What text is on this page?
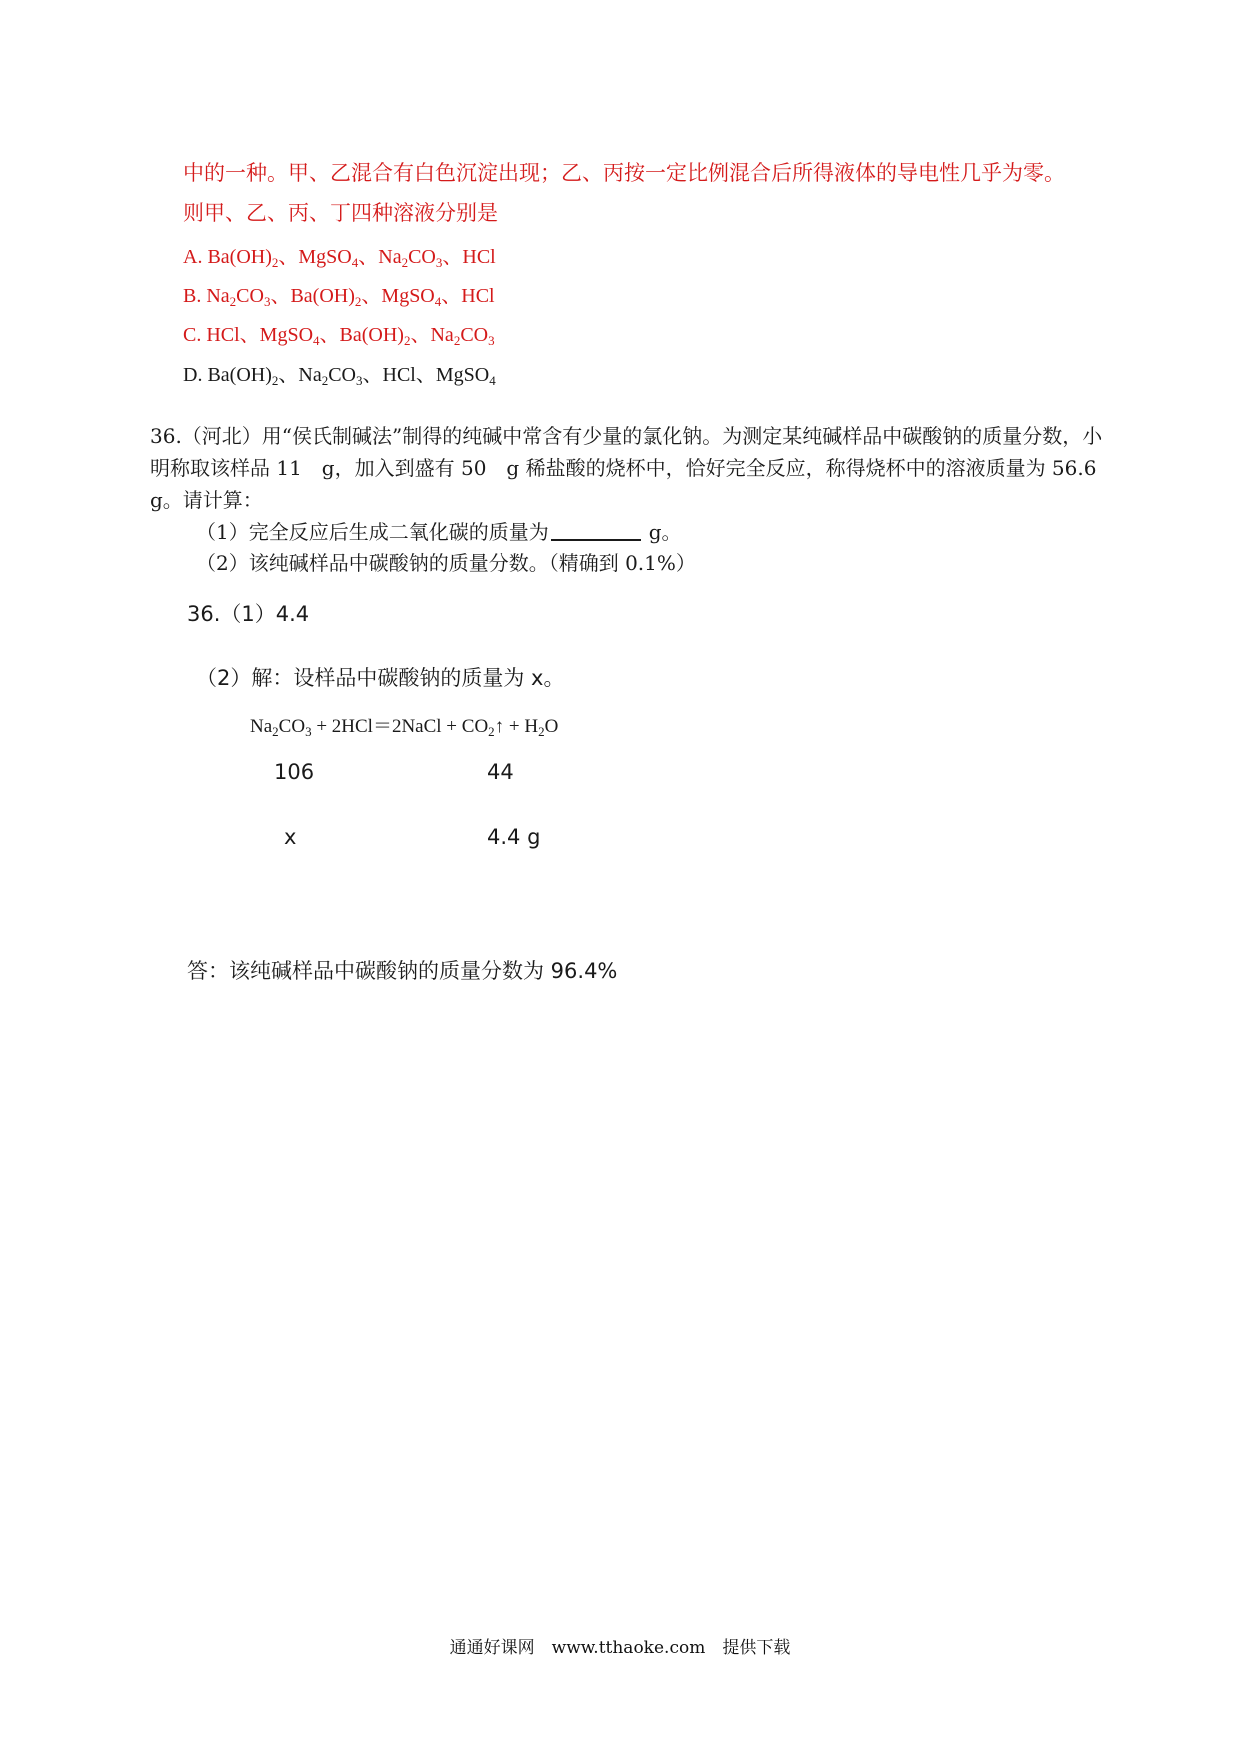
中的一种。甲、乙混合有白色沉淀出现；乙、丙按一定比例混合后所得液体的导电性几乎为零。
则甲、乙、丙、丁四种溶液分别是
A. $Ba(OH)_2$、MgSO$_4$、$Na_2CO_3$、HCl
B. $Na_2CO_3$、$Ba(OH)_2$、MgSO$_4$、HCl
C. HCl、MgSO$_4$、$Ba(OH)_2$、$Na_2CO_3$
D. $Ba(OH)_2$、$Na_2CO_3$、HCl、MgSO$_4$
36.（河北）用“侯氏制碱法”制得的纯碱中常含有少量的氯化钠。为测定某纯碱样品中碳酸钠的质量分数，小明称取该样品 11　g，加入到盛有 50　g 稀盐酸的烧杯中，恰好完全反应，称得烧杯中的溶液质量为 56.6　g。请计算：
（1）完全反应后生成二氧化碳的质量为	g。
（2）该纯碱样品中碳酸钠的质量分数。（精确到 0.1%）
36.（1）4.4
（2）解：设样品中碳酸钠的质量为 x。
$Na_2CO_3$ + 2HCl＝2NaCl + $CO_2↑ + H_2O$
106	44
x	4.4 g
答：该纯碱样品中碳酸钠的质量分数为 96.4%
通通好课网　www.tthaoke.com　提供下载
